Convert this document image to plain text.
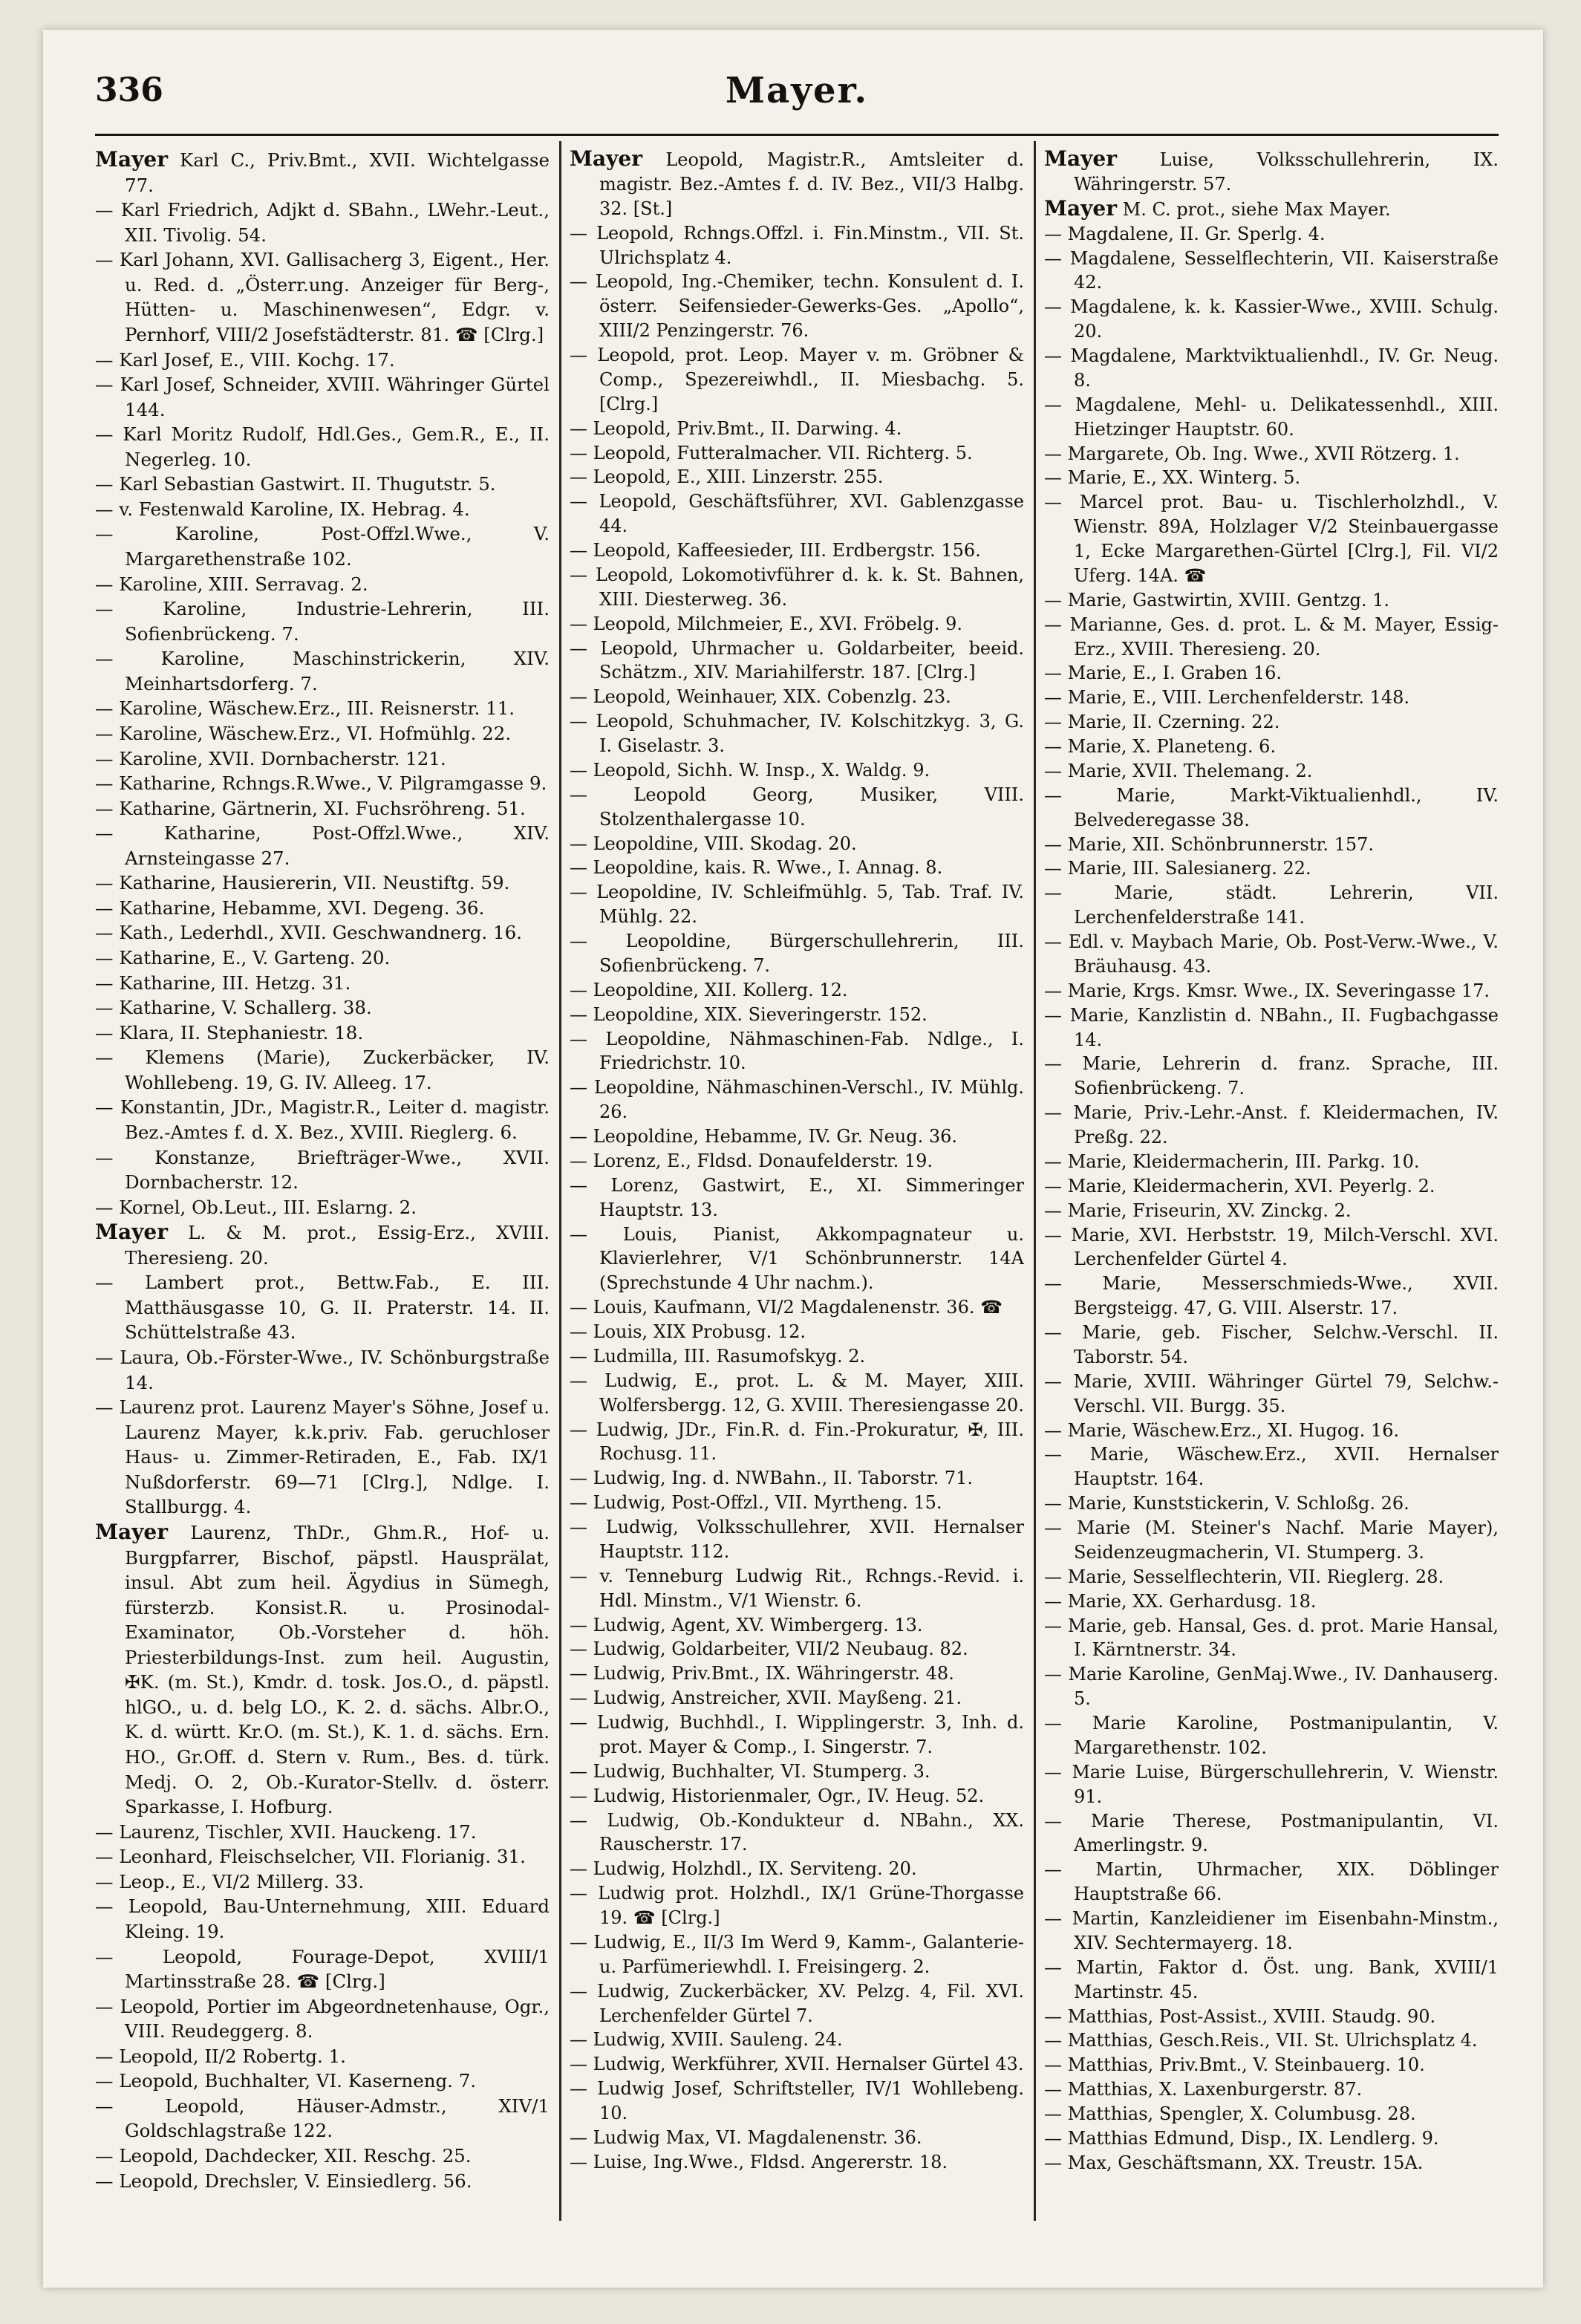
336	Mayer.
Mayer Karl C., Priv.Bmt., XVII. Wichtelgasse 77.
— Karl Friedrich, Adjkt d. SBahn., LWehr.-Leut., XII. Tivolig. 54.
— Karl Johann, XVI. Gallisacherg 3, Eigent., Her. u. Red. d. „Österr.ung. Anzeiger für Berg-, Hütten- u. Maschinenwesen“, Edgr. v. Pernhorf, VIII/2 Josefstädterstr. 81. ☎ [Clrg.]
— Karl Josef, E., VIII. Kochg. 17.
— Karl Josef, Schneider, XVIII. Währinger Gürtel 144.
— Karl Moritz Rudolf, Hdl.Ges., Gem.R., E., II. Negerleg. 10.
— Karl Sebastian Gastwirt. II. Thugutstr. 5.
— v. Festenwald Karoline, IX. Hebrag. 4.
— Karoline, Post-Offzl.Wwe., V. Margarethenstraße 102.
— Karoline, XIII. Serravag. 2.
— Karoline, Industrie-Lehrerin, III. Sofienbrückeng. 7.
— Karoline, Maschinstrickerin, XIV. Meinhartsdorferg. 7.
— Karoline, Wäschew.Erz., III. Reisnerstr. 11.
— Karoline, Wäschew.Erz., VI. Hofmühlg. 22.
— Karoline, XVII. Dornbacherstr. 121.
— Katharine, Rchngs.R.Wwe., V. Pilgramgasse 9.
— Katharine, Gärtnerin, XI. Fuchsröhreng. 51.
— Katharine, Post-Offzl.Wwe., XIV. Arnsteingasse 27.
— Katharine, Hausiererin, VII. Neustiftg. 59.
— Katharine, Hebamme, XVI. Degeng. 36.
— Kath., Lederhdl., XVII. Geschwandnerg. 16.
— Katharine, E., V. Garteng. 20.
— Katharine, III. Hetzg. 31.
— Katharine, V. Schallerg. 38.
— Klara, II. Stephaniestr. 18.
— Klemens (Marie), Zuckerbäcker, IV. Wohllebeng. 19, G. IV. Alleeg. 17.
— Konstantin, JDr., Magistr.R., Leiter d. magistr. Bez.-Amtes f. d. X. Bez., XVIII. Rieglerg. 6.
— Konstanze, Briefträger-Wwe., XVII. Dornbacherstr. 12.
— Kornel, Ob.Leut., III. Eslarng. 2.
Mayer L. & M. prot., Essig-Erz., XVIII. Theresieng. 20.
— Lambert prot., Bettw.Fab., E. III. Matthäusgasse 10, G. II. Praterstr. 14. II. Schüttelstraße 43.
— Laura, Ob.-Förster-Wwe., IV. Schönburgstraße 14.
— Laurenz prot. Laurenz Mayer's Söhne, Josef u. Laurenz Mayer, k.k.priv. Fab. geruchloser Haus- u. Zimmer-Retiraden, E., Fab. IX/1 Nußdorferstr. 69—71 [Clrg.], Ndlge. I. Stallburgg. 4.
Mayer Laurenz, ThDr., Ghm.R., Hof- u. Burgpfarrer, Bischof, päpstl. Hausprälat, insul. Abt zum heil. Ägydius in Sümegh, fürsterzb. Konsist.R. u. Prosinodal-Examinator, Ob.-Vorsteher d. höh. Priesterbildungs-Inst. zum heil. Augustin, ✠K. (m. St.), Kmdr. d. tosk. Jos.O., d. päpstl. hlGO., u. d. belg LO., K. 2. d. sächs. Albr.O., K. d. württ. Kr.O. (m. St.), K. 1. d. sächs. Ern. HO., Gr.Off. d. Stern v. Rum., Bes. d. türk. Medj. O. 2, Ob.-Kurator-Stellv. d. österr. Sparkasse, I. Hofburg.
— Laurenz, Tischler, XVII. Hauckeng. 17.
— Leonhard, Fleischselcher, VII. Florianig. 31.
— Leop., E., VI/2 Millerg. 33.
— Leopold, Bau-Unternehmung, XIII. Eduard Kleing. 19.
— Leopold, Fourage-Depot, XVIII/1 Martinsstraße 28. ☎ [Clrg.]
— Leopold, Portier im Abgeordnetenhause, Ogr., VIII. Reudeggerg. 8.
— Leopold, II/2 Robertg. 1.
— Leopold, Buchhalter, VI. Kaserneng. 7.
— Leopold, Häuser-Admstr., XIV/1 Goldschlagstraße 122.
— Leopold, Dachdecker, XII. Reschg. 25.
— Leopold, Drechsler, V. Einsiedlerg. 56.
Mayer Leopold, Magistr.R., Amtsleiter d. magistr. Bez.-Amtes f. d. IV. Bez., VII/3 Halbg. 32. [St.]
— Leopold, Rchngs.Offzl. i. Fin.Minstm., VII. St. Ulrichsplatz 4.
— Leopold, Ing.-Chemiker, techn. Konsulent d. I. österr. Seifensieder-Gewerks-Ges. „Apollo“, XIII/2 Penzingerstr. 76.
— Leopold, prot. Leop. Mayer v. m. Gröbner & Comp., Spezereiwhdl., II. Miesbachg. 5. [Clrg.]
— Leopold, Priv.Bmt., II. Darwing. 4.
— Leopold, Futteralmacher. VII. Richterg. 5.
— Leopold, E., XIII. Linzerstr. 255.
— Leopold, Geschäftsführer, XVI. Gablenzgasse 44.
— Leopold, Kaffeesieder, III. Erdbergstr. 156.
— Leopold, Lokomotivführer d. k. k. St. Bahnen, XIII. Diesterweg. 36.
— Leopold, Milchmeier, E., XVI. Fröbelg. 9.
— Leopold, Uhrmacher u. Goldarbeiter, beeid. Schätzm., XIV. Mariahilferstr. 187. [Clrg.]
— Leopold, Weinhauer, XIX. Cobenzlg. 23.
— Leopold, Schuhmacher, IV. Kolschitzkyg. 3, G. I. Giselastr. 3.
— Leopold, Sichh. W. Insp., X. Waldg. 9.
— Leopold Georg, Musiker, VIII. Stolzenthalergasse 10.
— Leopoldine, VIII. Skodag. 20.
— Leopoldine, kais. R. Wwe., I. Annag. 8.
— Leopoldine, IV. Schleifmühlg. 5, Tab. Traf. IV. Mühlg. 22.
— Leopoldine, Bürgerschullehrerin, III. Sofienbrückeng. 7.
— Leopoldine, XII. Kollerg. 12.
— Leopoldine, XIX. Sieveringerstr. 152.
— Leopoldine, Nähmaschinen-Fab. Ndlge., I. Friedrichstr. 10.
— Leopoldine, Nähmaschinen-Verschl., IV. Mühlg. 26.
— Leopoldine, Hebamme, IV. Gr. Neug. 36.
— Lorenz, E., Fldsd. Donaufelderstr. 19.
— Lorenz, Gastwirt, E., XI. Simmeringer Hauptstr. 13.
— Louis, Pianist, Akkompagnateur u. Klavierlehrer, V/1 Schönbrunnerstr. 14A (Sprechstunde 4 Uhr nachm.).
— Louis, Kaufmann, VI/2 Magdalenenstr. 36. ☎
— Louis, XIX Probusg. 12.
— Ludmilla, III. Rasumofskyg. 2.
— Ludwig, E., prot. L. & M. Mayer, XIII. Wolfersbergg. 12, G. XVIII. Theresiengasse 20.
— Ludwig, JDr., Fin.R. d. Fin.-Prokuratur, ✠, III. Rochusg. 11.
— Ludwig, Ing. d. NWBahn., II. Taborstr. 71.
— Ludwig, Post-Offzl., VII. Myrtheng. 15.
— Ludwig, Volksschullehrer, XVII. Hernalser Hauptstr. 112.
— v. Tenneburg Ludwig Rit., Rchngs.-Revid. i. Hdl. Minstm., V/1 Wienstr. 6.
— Ludwig, Agent, XV. Wimbergerg. 13.
— Ludwig, Goldarbeiter, VII/2 Neubaug. 82.
— Ludwig, Priv.Bmt., IX. Währingerstr. 48.
— Ludwig, Anstreicher, XVII. Mayßeng. 21.
— Ludwig, Buchhdl., I. Wipplingerstr. 3, Inh. d. prot. Mayer & Comp., I. Singerstr. 7.
— Ludwig, Buchhalter, VI. Stumperg. 3.
— Ludwig, Historienmaler, Ogr., IV. Heug. 52.
— Ludwig, Ob.-Kondukteur d. NBahn., XX. Rauscherstr. 17.
— Ludwig, Holzhdl., IX. Serviteng. 20.
— Ludwig prot. Holzhdl., IX/1 Grüne-Thorgasse 19. ☎ [Clrg.]
— Ludwig, E., II/3 Im Werd 9, Kamm-, Galanterie- u. Parfümeriewhdl. I. Freisingerg. 2.
— Ludwig, Zuckerbäcker, XV. Pelzg. 4, Fil. XVI. Lerchenfelder Gürtel 7.
— Ludwig, XVIII. Sauleng. 24.
— Ludwig, Werkführer, XVII. Hernalser Gürtel 43.
— Ludwig Josef, Schriftsteller, IV/1 Wohllebeng. 10.
— Ludwig Max, VI. Magdalenenstr. 36.
— Luise, Ing.Wwe., Fldsd. Angererstr. 18.
Mayer Luise, Volksschullehrerin, IX. Währingerstr. 57.
Mayer M. C. prot., siehe Max Mayer.
— Magdalene, II. Gr. Sperlg. 4.
— Magdalene, Sesselflechterin, VII. Kaiserstraße 42.
— Magdalene, k. k. Kassier-Wwe., XVIII. Schulg. 20.
— Magdalene, Marktviktualienhdl., IV. Gr. Neug. 8.
— Magdalene, Mehl- u. Delikatessenhdl., XIII. Hietzinger Hauptstr. 60.
— Margarete, Ob. Ing. Wwe., XVII Rötzerg. 1.
— Marie, E., XX. Winterg. 5.
— Marcel prot. Bau- u. Tischlerholzhdl., V. Wienstr. 89A, Holzlager V/2 Steinbauergasse 1, Ecke Margarethen-Gürtel [Clrg.], Fil. VI/2 Uferg. 14A. ☎
— Marie, Gastwirtin, XVIII. Gentzg. 1.
— Marianne, Ges. d. prot. L. & M. Mayer, Essig-Erz., XVIII. Theresieng. 20.
— Marie, E., I. Graben 16.
— Marie, E., VIII. Lerchenfelderstr. 148.
— Marie, II. Czerning. 22.
— Marie, X. Planeteng. 6.
— Marie, XVII. Thelemang. 2.
— Marie, Markt-Viktualienhdl., IV. Belvederegasse 38.
— Marie, XII. Schönbrunnerstr. 157.
— Marie, III. Salesianerg. 22.
— Marie, städt. Lehrerin, VII. Lerchenfelderstraße 141.
— Edl. v. Maybach Marie, Ob. Post-Verw.-Wwe., V. Bräuhausg. 43.
— Marie, Krgs. Kmsr. Wwe., IX. Severingasse 17.
— Marie, Kanzlistin d. NBahn., II. Fugbachgasse 14.
— Marie, Lehrerin d. franz. Sprache, III. Sofienbrückeng. 7.
— Marie, Priv.-Lehr.-Anst. f. Kleidermachen, IV. Preßg. 22.
— Marie, Kleidermacherin, III. Parkg. 10.
— Marie, Kleidermacherin, XVI. Peyerlg. 2.
— Marie, Friseurin, XV. Zinckg. 2.
— Marie, XVI. Herbststr. 19, Milch-Verschl. XVI. Lerchenfelder Gürtel 4.
— Marie, Messerschmieds-Wwe., XVII. Bergsteigg. 47, G. VIII. Alserstr. 17.
— Marie, geb. Fischer, Selchw.-Verschl. II. Taborstr. 54.
— Marie, XVIII. Währinger Gürtel 79, Selchw.-Verschl. VII. Burgg. 35.
— Marie, Wäschew.Erz., XI. Hugog. 16.
— Marie, Wäschew.Erz., XVII. Hernalser Hauptstr. 164.
— Marie, Kunststickerin, V. Schloßg. 26.
— Marie (M. Steiner's Nachf. Marie Mayer), Seidenzeugmacherin, VI. Stumperg. 3.
— Marie, Sesselflechterin, VII. Rieglerg. 28.
— Marie, XX. Gerhardusg. 18.
— Marie, geb. Hansal, Ges. d. prot. Marie Hansal, I. Kärntnerstr. 34.
— Marie Karoline, GenMaj.Wwe., IV. Danhauserg. 5.
— Marie Karoline, Postmanipulantin, V. Margarethenstr. 102.
— Marie Luise, Bürgerschullehrerin, V. Wienstr. 91.
— Marie Therese, Postmanipulantin, VI. Amerlingstr. 9.
— Martin, Uhrmacher, XIX. Döblinger Hauptstraße 66.
— Martin, Kanzleidiener im Eisenbahn-Minstm., XIV. Sechtermayerg. 18.
— Martin, Faktor d. Öst. ung. Bank, XVIII/1 Martinstr. 45.
— Matthias, Post-Assist., XVIII. Staudg. 90.
— Matthias, Gesch.Reis., VII. St. Ulrichsplatz 4.
— Matthias, Priv.Bmt., V. Steinbauerg. 10.
— Matthias, X. Laxenburgerstr. 87.
— Matthias, Spengler, X. Columbusg. 28.
— Matthias Edmund, Disp., IX. Lendlerg. 9.
— Max, Geschäftsmann, XX. Treustr. 15A.
